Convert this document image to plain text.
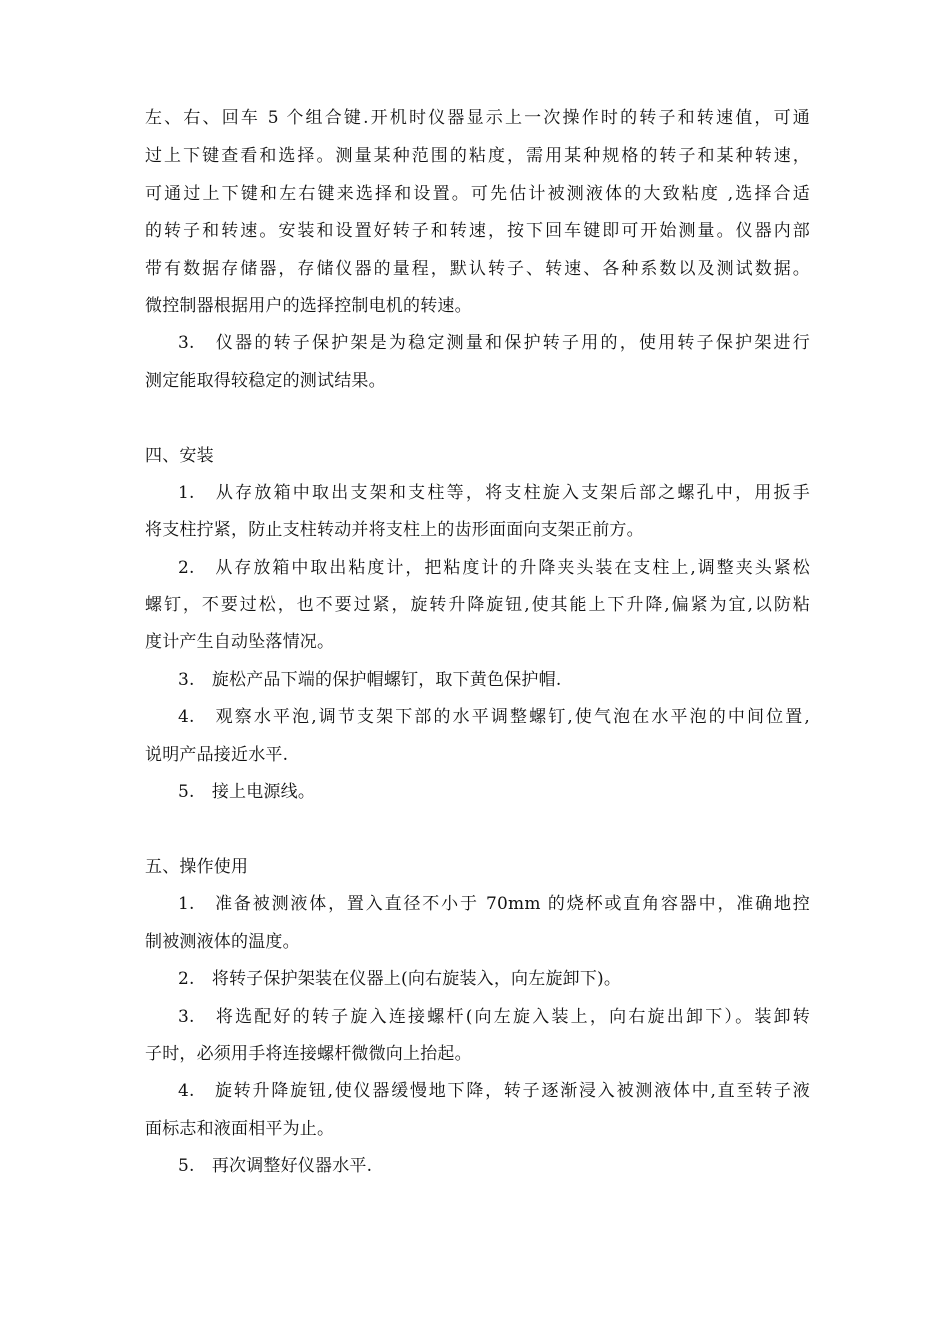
左、右、回车 5 个组合键.开机时仪器显示上一次操作时的转子和转速值，可通
过上下键查看和选择。测量某种范围的粘度，需用某种规格的转子和某种转速，
可通过上下键和左右键来选择和设置。可先估计被测液体的大致粘度 ,选择合适
的转子和转速。安装和设置好转子和转速，按下回车键即可开始测量。仪器内部
带有数据存储器，存储仪器的量程，默认转子、转速、各种系数以及测试数据。
微控制器根据用户的选择控制电机的转速。
3.　仪器的转子保护架是为稳定测量和保护转子用的，使用转子保护架进行
测定能取得较稳定的测试结果。
四、安装
1.　从存放箱中取出支架和支柱等，将支柱旋入支架后部之螺孔中，用扳手
将支柱拧紧，防止支柱转动并将支柱上的齿形面面向支架正前方。
2.　从存放箱中取出粘度计，把粘度计的升降夹头装在支柱上,调整夹头紧松
螺钉，不要过松，也不要过紧，旋转升降旋钮,使其能上下升降,偏紧为宜,以防粘
度计产生自动坠落情况。
3.　旋松产品下端的保护帽螺钉，取下黄色保护帽.
4.　观察水平泡,调节支架下部的水平调整螺钉,使气泡在水平泡的中间位置,
说明产品接近水平.
5.　接上电源线。
五、操作使用
1.　准备被测液体，置入直径不小于 70mm 的烧杯或直角容器中，准确地控
制被测液体的温度。
2.　将转子保护架装在仪器上(向右旋装入，向左旋卸下)。
3.　将选配好的转子旋入连接螺杆(向左旋入装上，向右旋出卸下）。装卸转
子时，必须用手将连接螺杆微微向上抬起。
4.　旋转升降旋钮,使仪器缓慢地下降，转子逐渐浸入被测液体中,直至转子液
面标志和液面相平为止。
5.　再次调整好仪器水平.
